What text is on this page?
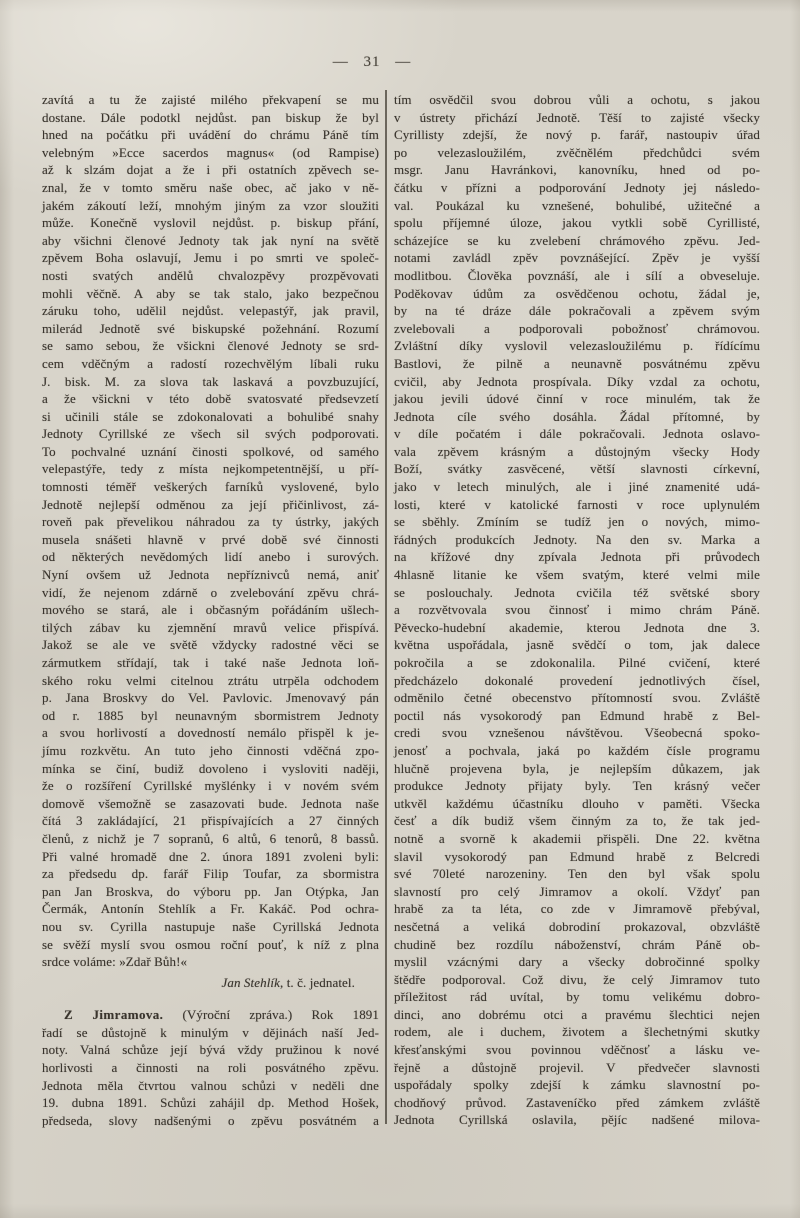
— 31 —
zavítá a tu že zajisté milého překvapení se mu
dostane. Dále podotkl nejdůst. pan biskup že byl
hned na počátku při uvádění do chrámu Páně tím
velebným »Ecce sacerdos magnus« (od Rampise)
až k slzám dojat a že i při ostatních zpěvech se-
znal, že v tomto směru naše obec, ač jako v ně-
jakém zákoutí leží, mnohým jiným za vzor sloužiti
může. Konečně vyslovil nejdůst. p. biskup přání,
aby všichni členové Jednoty tak jak nyní na světě
zpěvem Boha oslavují, Jemu i po smrti ve společ-
nosti svatých andělů chvalozpěvy prozpěvovati
mohli věčně. A aby se tak stalo, jako bezpečnou
záruku toho, udělil nejdůst. velepastýř, jak pravil,
milerád Jednotě své biskupské požehnání. Rozumí
se samo sebou, že všickni členové Jednoty se srd-
cem vděčným a radostí rozechvělým líbali ruku
J. bisk. M. za slova tak laskavá a povzbuzující,
a že všickni v této době svatosvaté předsevzetí
si učinili stále se zdokonalovati a bohulibé snahy
Jednoty Cyrillské ze všech sil svých podporovati.
To pochvalné uznání činosti spolkové, od samého
velepastýře, tedy z místa nejkompetentnější, u pří-
tomnosti téměř veškerých farníků vyslovené, bylo
Jednotě nejlepší odměnou za její přičinlivost, zá-
roveň pak převelikou náhradou za ty ústrky, jakých
musela snášeti hlavně v prvé době své činnosti
od některých nevědomých lidí anebo i surových.
Nyní ovšem už Jednota nepříznivců nemá, aniť
vidí, že nejenom zdárně o zvelebování zpěvu chrá-
mového se stará, ale i občasným pořádáním ušlech-
tilých zábav ku zjemnění mravů velice přispívá.
Jakož se ale ve světě vždycky radostné věci se
zármutkem střídají, tak i také naše Jednota loň-
ského roku velmi citelnou ztrátu utrpěla odchodem
p. Jana Broskvy do Vel. Pavlovic. Jmenovavý pán
od r. 1885 byl neunavným sbormistrem Jednoty
a svou horlivostí a dovedností nemálo přispěl k je-
jímu rozkvětu. An tuto jeho činnosti vděčná zpo-
mínka se činí, budiž dovoleno i vysloviti naději,
že o rozšíření Cyrillské myšlénky i v novém svém
domově všemožně se zasazovati bude. Jednota naše
čítá 3 zakládající, 21 přispívajících a 27 činných
členů, z nichž je 7 sopranů, 6 altů, 6 tenorů, 8 bassů.
Při valné hromadě dne 2. února 1891 zvoleni byli:
za předsedu dp. farář Filip Toufar, za sbormistra
pan Jan Broskva, do výboru pp. Jan Otýpka, Jan
Čermák, Antonín Stehlík a Fr. Kakáč. Pod ochra-
nou sv. Cyrilla nastupuje naše Cyrillská Jednota
se svěží myslí svou osmou roční pouť, k níž z plna
srdce voláme: »Zdař Bůh!«
Jan Stehlík, t. č. jednatel.
Z Jimramova. (Výroční zpráva.) Rok 1891
řadí se důstojně k minulým v dějinách naší Jed-
noty. Valná schůze její bývá vždy pružinou k nové
horlivosti a činnosti na roli posvátného zpěvu.
Jednota měla čtvrtou valnou schůzi v neděli dne
19. dubna 1891. Schůzi zahájil dp. Method Hošek,
předseda, slovy nadšenými o zpěvu posvátném a
tím osvědčil svou dobrou vůli a ochotu, s jakou
v ústrety přichází Jednotě. Těší to zajisté všecky
Cyrillisty zdejší, že nový p. farář, nastoupiv úřad
po velezasloužilém, zvěčnělém předchůdci svém
msgr. Janu Havránkovi, kanovníku, hned od po-
čátku v přízni a podporování Jednoty jej následo-
val. Poukázal ku vznešené, bohulibé, užitečné a
spolu příjemné úloze, jakou vytkli sobě Cyrillisté,
scházejíce se ku zvelebení chrámového zpěvu. Jed-
notami zavládl zpěv povznášející. Zpěv je vyšší
modlitbou. Člověka povznáší, ale i sílí a obveseluje.
Poděkovav údům za osvědčenou ochotu, žádal je,
by na té dráze dále pokračovali a zpěvem svým
zvelebovali a podporovali pobožnosť chrámovou.
Zvláštní díky vyslovil velezasloužilému p. řídícímu
Bastlovi, že pilně a neunavně posvátnému zpěvu
cvičil, aby Jednota prospívala. Díky vzdal za ochotu,
jakou jevili údové činní v roce minulém, tak že
Jednota cíle svého dosáhla. Žádal přítomné, by
v díle počatém i dále pokračovali. Jednota oslavo-
vala zpěvem krásným a důstojným všecky Hody
Boží, svátky zasvěcené, větší slavnosti církevní,
jako v letech minulých, ale i jiné znamenité udá-
losti, které v katolické farnosti v roce uplynulém
se sběhly. Zmíním se tudíž jen o nových, mimo-
řádných produkcích Jednoty. Na den sv. Marka a
na křížové dny zpívala Jednota při průvodech
4hlasně litanie ke všem svatým, které velmi mile
se poslouchaly. Jednota cvičila též světské sbory
a rozvětvovala svou činnosť i mimo chrám Páně.
Pěvecko-hudební akademie, kterou Jednota dne 3.
května uspořádala, jasně svědčí o tom, jak dalece
pokročila a se zdokonalila. Pilné cvičení, které
předcházelo dokonalé provedení jednotlivých čísel,
odměnilo četné obecenstvo přítomností svou. Zvláště
poctil nás vysokorodý pan Edmund hrabě z Bel-
credi svou vznešenou návštěvou. Všeobecná spoko-
jenosť a pochvala, jaká po každém čísle programu
hlučně projevena byla, je nejlepším důkazem, jak
produkce Jednoty přijaty byly. Ten krásný večer
utkvěl každému účastníku dlouho v paměti. Všecka
česť a dík budiž všem činným za to, že tak jed-
notně a svorně k akademii přispěli. Dne 22. května
slavil vysokorodý pan Edmund hrabě z Belcredi
své 70leté narozeniny. Ten den byl však spolu
slavností pro celý Jimramov a okolí. Vždyť pan
hrabě za ta léta, co zde v Jimramově přebýval,
nesčetná a veliká dobrodiní prokazoval, obzvláště
chudině bez rozdílu náboženství, chrám Páně ob-
myslil vzácnými dary a všecky dobročinné spolky
štědře podporoval. Což divu, že celý Jimramov tuto
příležitost rád uvítal, by tomu velikému dobro-
dinci, ano dobrému otci a pravému šlechtici nejen
rodem, ale i duchem, životem a šlechetnými skutky
křesťanskými svou povinnou vděčnosť a lásku ve-
řejně a důstojně projevil. V předvečer slavnosti
uspořádaly spolky zdejší k zámku slavnostní po-
chodňový průvod. Zastaveníčko před zámkem zvláště
Jednota Cyrillská oslavila, pějíc nadšené milova-
